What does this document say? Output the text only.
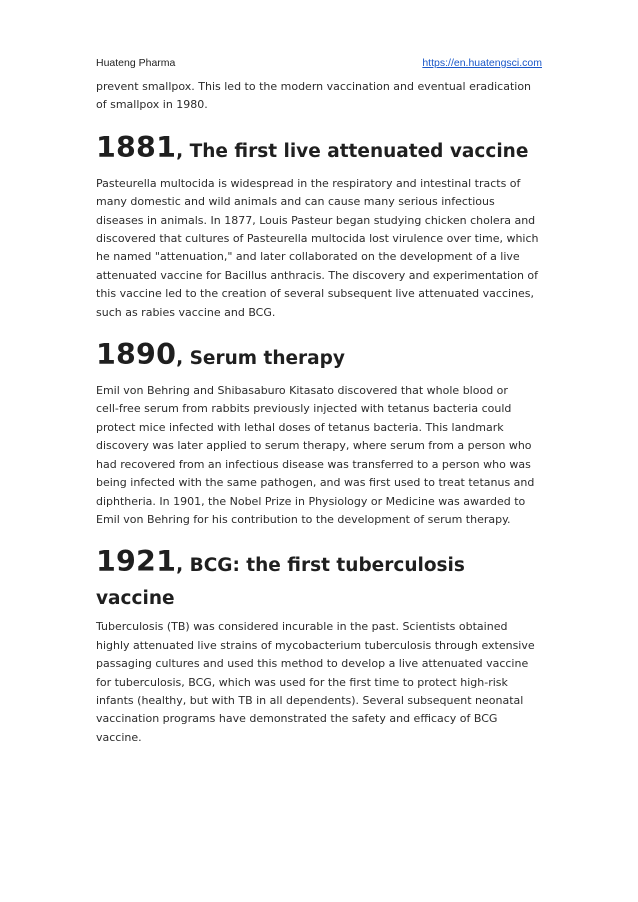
Huateng Pharma	https://en.huatengsci.com

prevent smallpox. This led to the modern vaccination and eventual eradication

of smallpox in 1980.

1881, The first live attenuated vaccine

Pasteurella multocida is widespread in the respiratory and intestinal tracts of

many domestic and wild animals and can cause many serious infectious

diseases in animals. In 1877, Louis Pasteur began studying chicken cholera and

discovered that cultures of Pasteurella multocida lost virulence over time, which

he named "attenuation," and later collaborated on the development of a live

attenuated vaccine for Bacillus anthracis. The discovery and experimentation of

this vaccine led to the creation of several subsequent live attenuated vaccines,

such as rabies vaccine and BCG.

1890, Serum therapy

Emil von Behring and Shibasaburo Kitasato discovered that whole blood or

cell-free serum from rabbits previously injected with tetanus bacteria could

protect mice infected with lethal doses of tetanus bacteria. This landmark

discovery was later applied to serum therapy, where serum from a person who

had recovered from an infectious disease was transferred to a person who was

being infected with the same pathogen, and was first used to treat tetanus and

diphtheria. In 1901, the Nobel Prize in Physiology or Medicine was awarded to

Emil von Behring for his contribution to the development of serum therapy.

1921, BCG: the first tuberculosis
vaccine

Tuberculosis (TB) was considered incurable in the past. Scientists obtained

highly attenuated live strains of mycobacterium tuberculosis through extensive

passaging cultures and used this method to develop a live attenuated vaccine

for tuberculosis, BCG, which was used for the first time to protect high-risk

infants (healthy, but with TB in all dependents). Several subsequent neonatal

vaccination programs have demonstrated the safety and efficacy of BCG

vaccine.
